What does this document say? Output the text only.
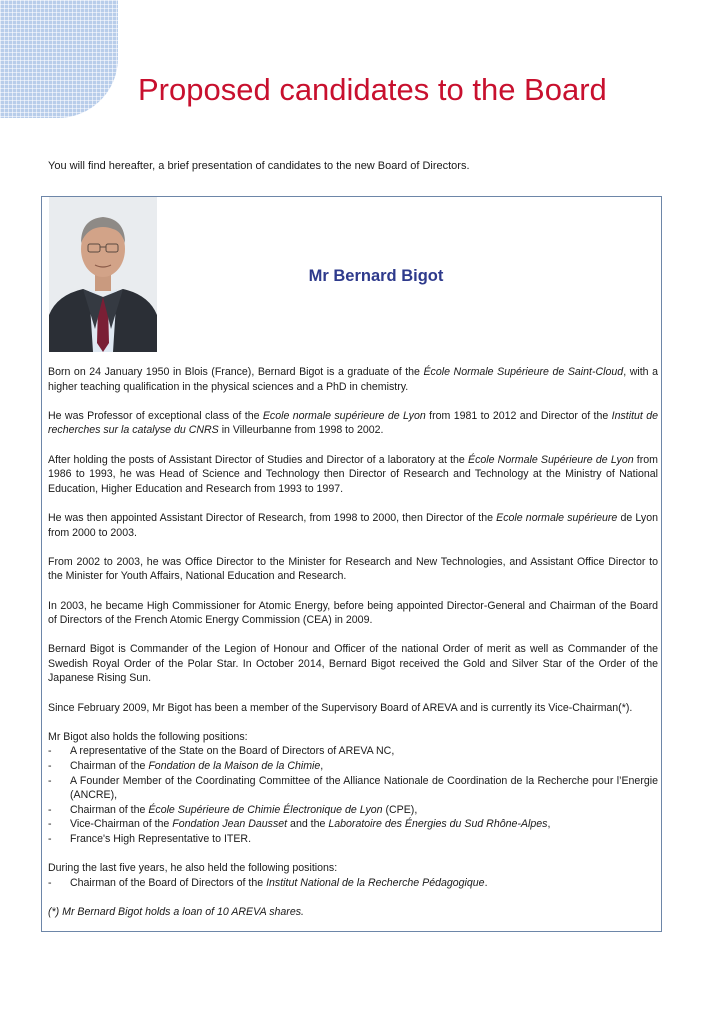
Proposed candidates to the Board

You will find hereafter, a brief presentation of candidates to the new Board of Directors.

Mr Bernard Bigot

Born on 24 January 1950 in Blois (France), Bernard Bigot is a graduate of the École Normale Supérieure de Saint-Cloud, with a higher teaching qualification in the physical sciences and a PhD in chemistry.

He was Professor of exceptional class of the Ecole normale supérieure de Lyon from 1981 to 2012 and Director of the Institut de recherches sur la catalyse du CNRS in Villeurbanne from 1998 to 2002.

After holding the posts of Assistant Director of Studies and Director of a laboratory at the École Normale Supérieure de Lyon from 1986 to 1993, he was Head of Science and Technology then Director of Research and Technology at the Ministry of National Education, Higher Education and Research from 1993 to 1997.

He was then appointed Assistant Director of Research, from 1998 to 2000, then Director of the Ecole normale supérieure de Lyon from 2000 to 2003.

From 2002 to 2003, he was Office Director to the Minister for Research and New Technologies, and Assistant Office Director to the Minister for Youth Affairs, National Education and Research.

In 2003, he became High Commissioner for Atomic Energy, before being appointed Director-General and Chairman of the Board of Directors of the French Atomic Energy Commission (CEA) in 2009.

Bernard Bigot is Commander of the Legion of Honour and Officer of the national Order of merit as well as Commander of the Swedish Royal Order of the Polar Star. In October 2014, Bernard Bigot received the Gold and Silver Star of the Order of the Japanese Rising Sun.

Since February 2009, Mr Bigot has been a member of the Supervisory Board of AREVA and is currently its Vice-Chairman(*).

Mr Bigot also holds the following positions:

- A representative of the State on the Board of Directors of AREVA NC,
- Chairman of the Fondation de la Maison de la Chimie,
- A Founder Member of the Coordinating Committee of the Alliance Nationale de Coordination de la Recherche pour l’Energie (ANCRE),
- Chairman of the École Supérieure de Chimie Électronique de Lyon (CPE),
- Vice-Chairman of the Fondation Jean Dausset and the Laboratoire des Énergies du Sud Rhône-Alpes,
- France's High Representative to ITER.

During the last five years, he also held the following positions:

- Chairman of the Board of Directors of the Institut National de la Recherche Pédagogique.

(*) Mr Bernard Bigot holds a loan of 10 AREVA shares.
